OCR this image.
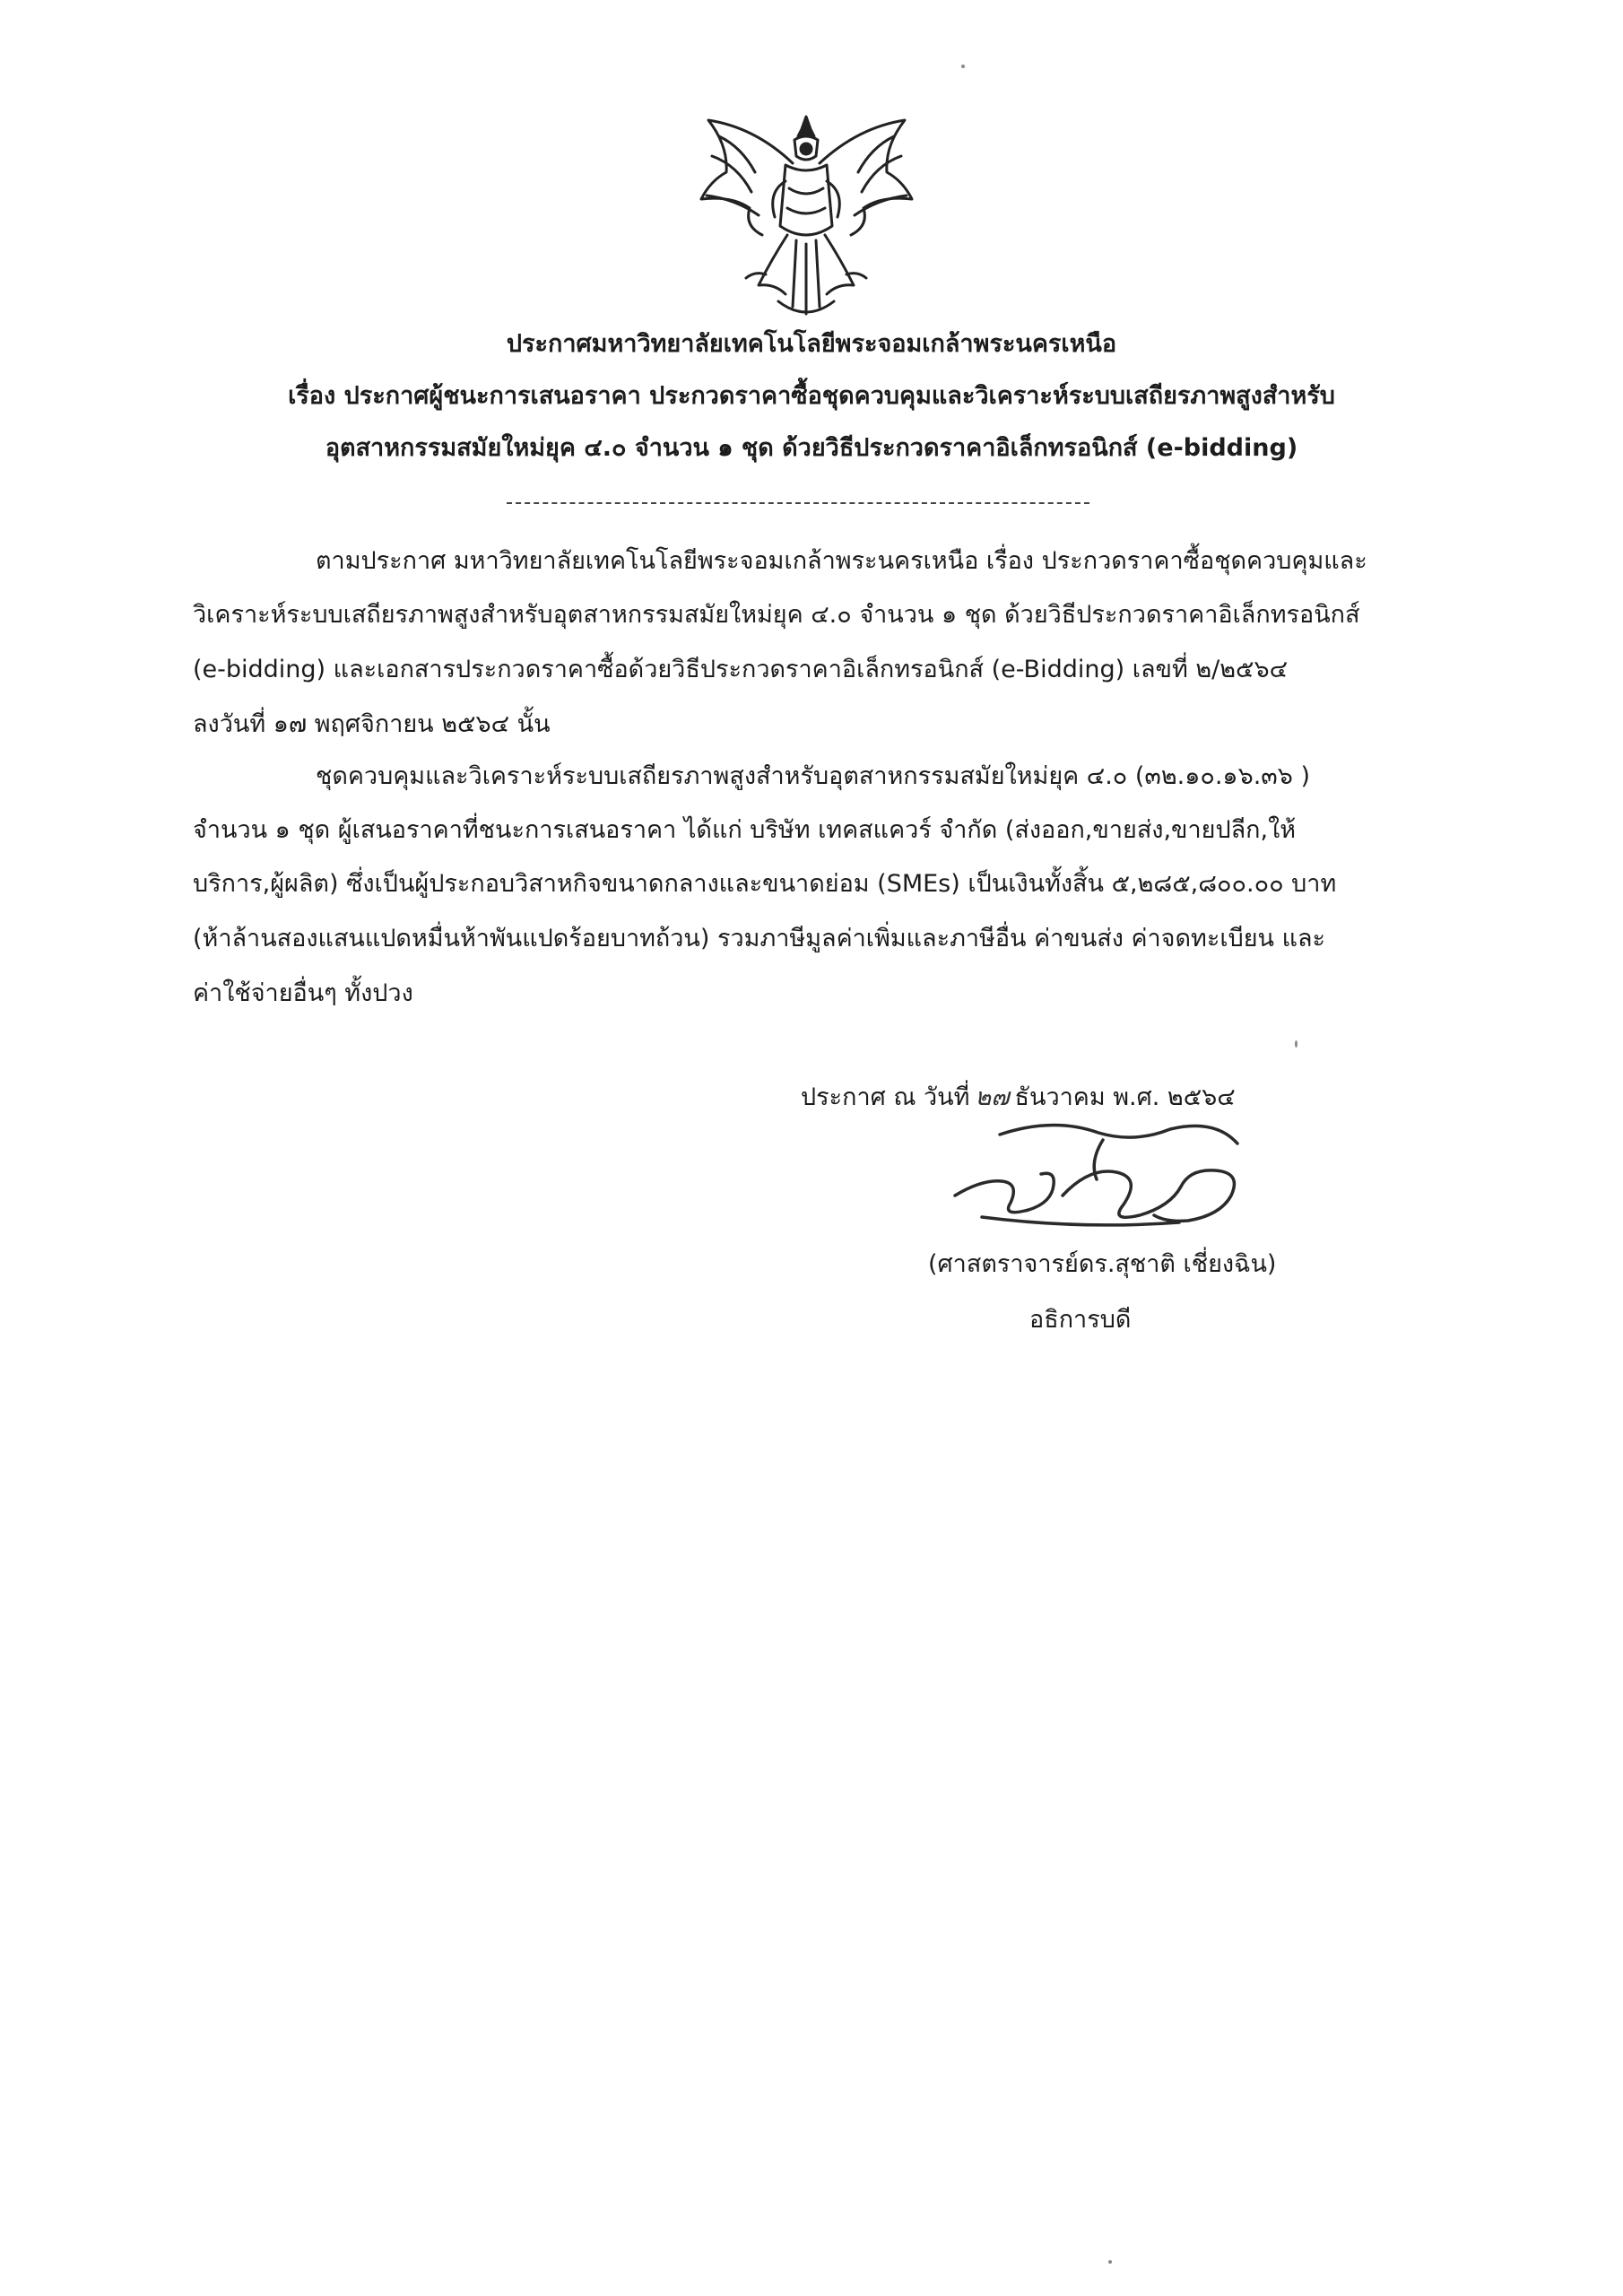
ประกาศมหาวิทยาลัยเทคโนโลยีพระจอมเกล้าพระนครเหนือ
เรื่อง ประกาศผู้ชนะการเสนอราคา ประกวดราคาซื้อชุดควบคุมและวิเคราะห์ระบบเสถียรภาพสูงสำหรับ
อุตสาหกรรมสมัยใหม่ยุค ๔.๐ จำนวน ๑ ชุด ด้วยวิธีประกวดราคาอิเล็กทรอนิกส์ (e-bidding)
ตามประกาศ มหาวิทยาลัยเทคโนโลยีพระจอมเกล้าพระนครเหนือ เรื่อง ประกวดราคาซื้อชุดควบคุมและ
วิเคราะห์ระบบเสถียรภาพสูงสำหรับอุตสาหกรรมสมัยใหม่ยุค ๔.๐ จำนวน ๑ ชุด ด้วยวิธีประกวดราคาอิเล็กทรอนิกส์
(e-bidding) และเอกสารประกวดราคาซื้อด้วยวิธีประกวดราคาอิเล็กทรอนิกส์ (e-Bidding) เลขที่ ๒/๒๕๖๔
ลงวันที่ ๑๗ พฤศจิกายน ๒๕๖๔ นั้น
ชุดควบคุมและวิเคราะห์ระบบเสถียรภาพสูงสำหรับอุตสาหกรรมสมัยใหม่ยุค ๔.๐ (๓๒.๑๐.๑๖.๓๖ )
จำนวน ๑ ชุด ผู้เสนอราคาที่ชนะการเสนอราคา ได้แก่ บริษัท เทคสแควร์ จำกัด (ส่งออก,ขายส่ง,ขายปลีก,ให้
บริการ,ผู้ผลิต) ซึ่งเป็นผู้ประกอบวิสาหกิจขนาดกลางและขนาดย่อม (SMEs) เป็นเงินทั้งสิ้น ๕,๒๘๕,๘๐๐.๐๐ บาท
(ห้าล้านสองแสนแปดหมื่นห้าพันแปดร้อยบาทถ้วน) รวมภาษีมูลค่าเพิ่มและภาษีอื่น ค่าขนส่ง ค่าจดทะเบียน และ
ค่าใช้จ่ายอื่นๆ ทั้งปวง
ประกาศ ณ วันที่ ๒๗ ธันวาคม พ.ศ. ๒๕๖๔
(ศาสตราจารย์ดร.สุชาติ เชี่ยงฉิน)
อธิการบดี
